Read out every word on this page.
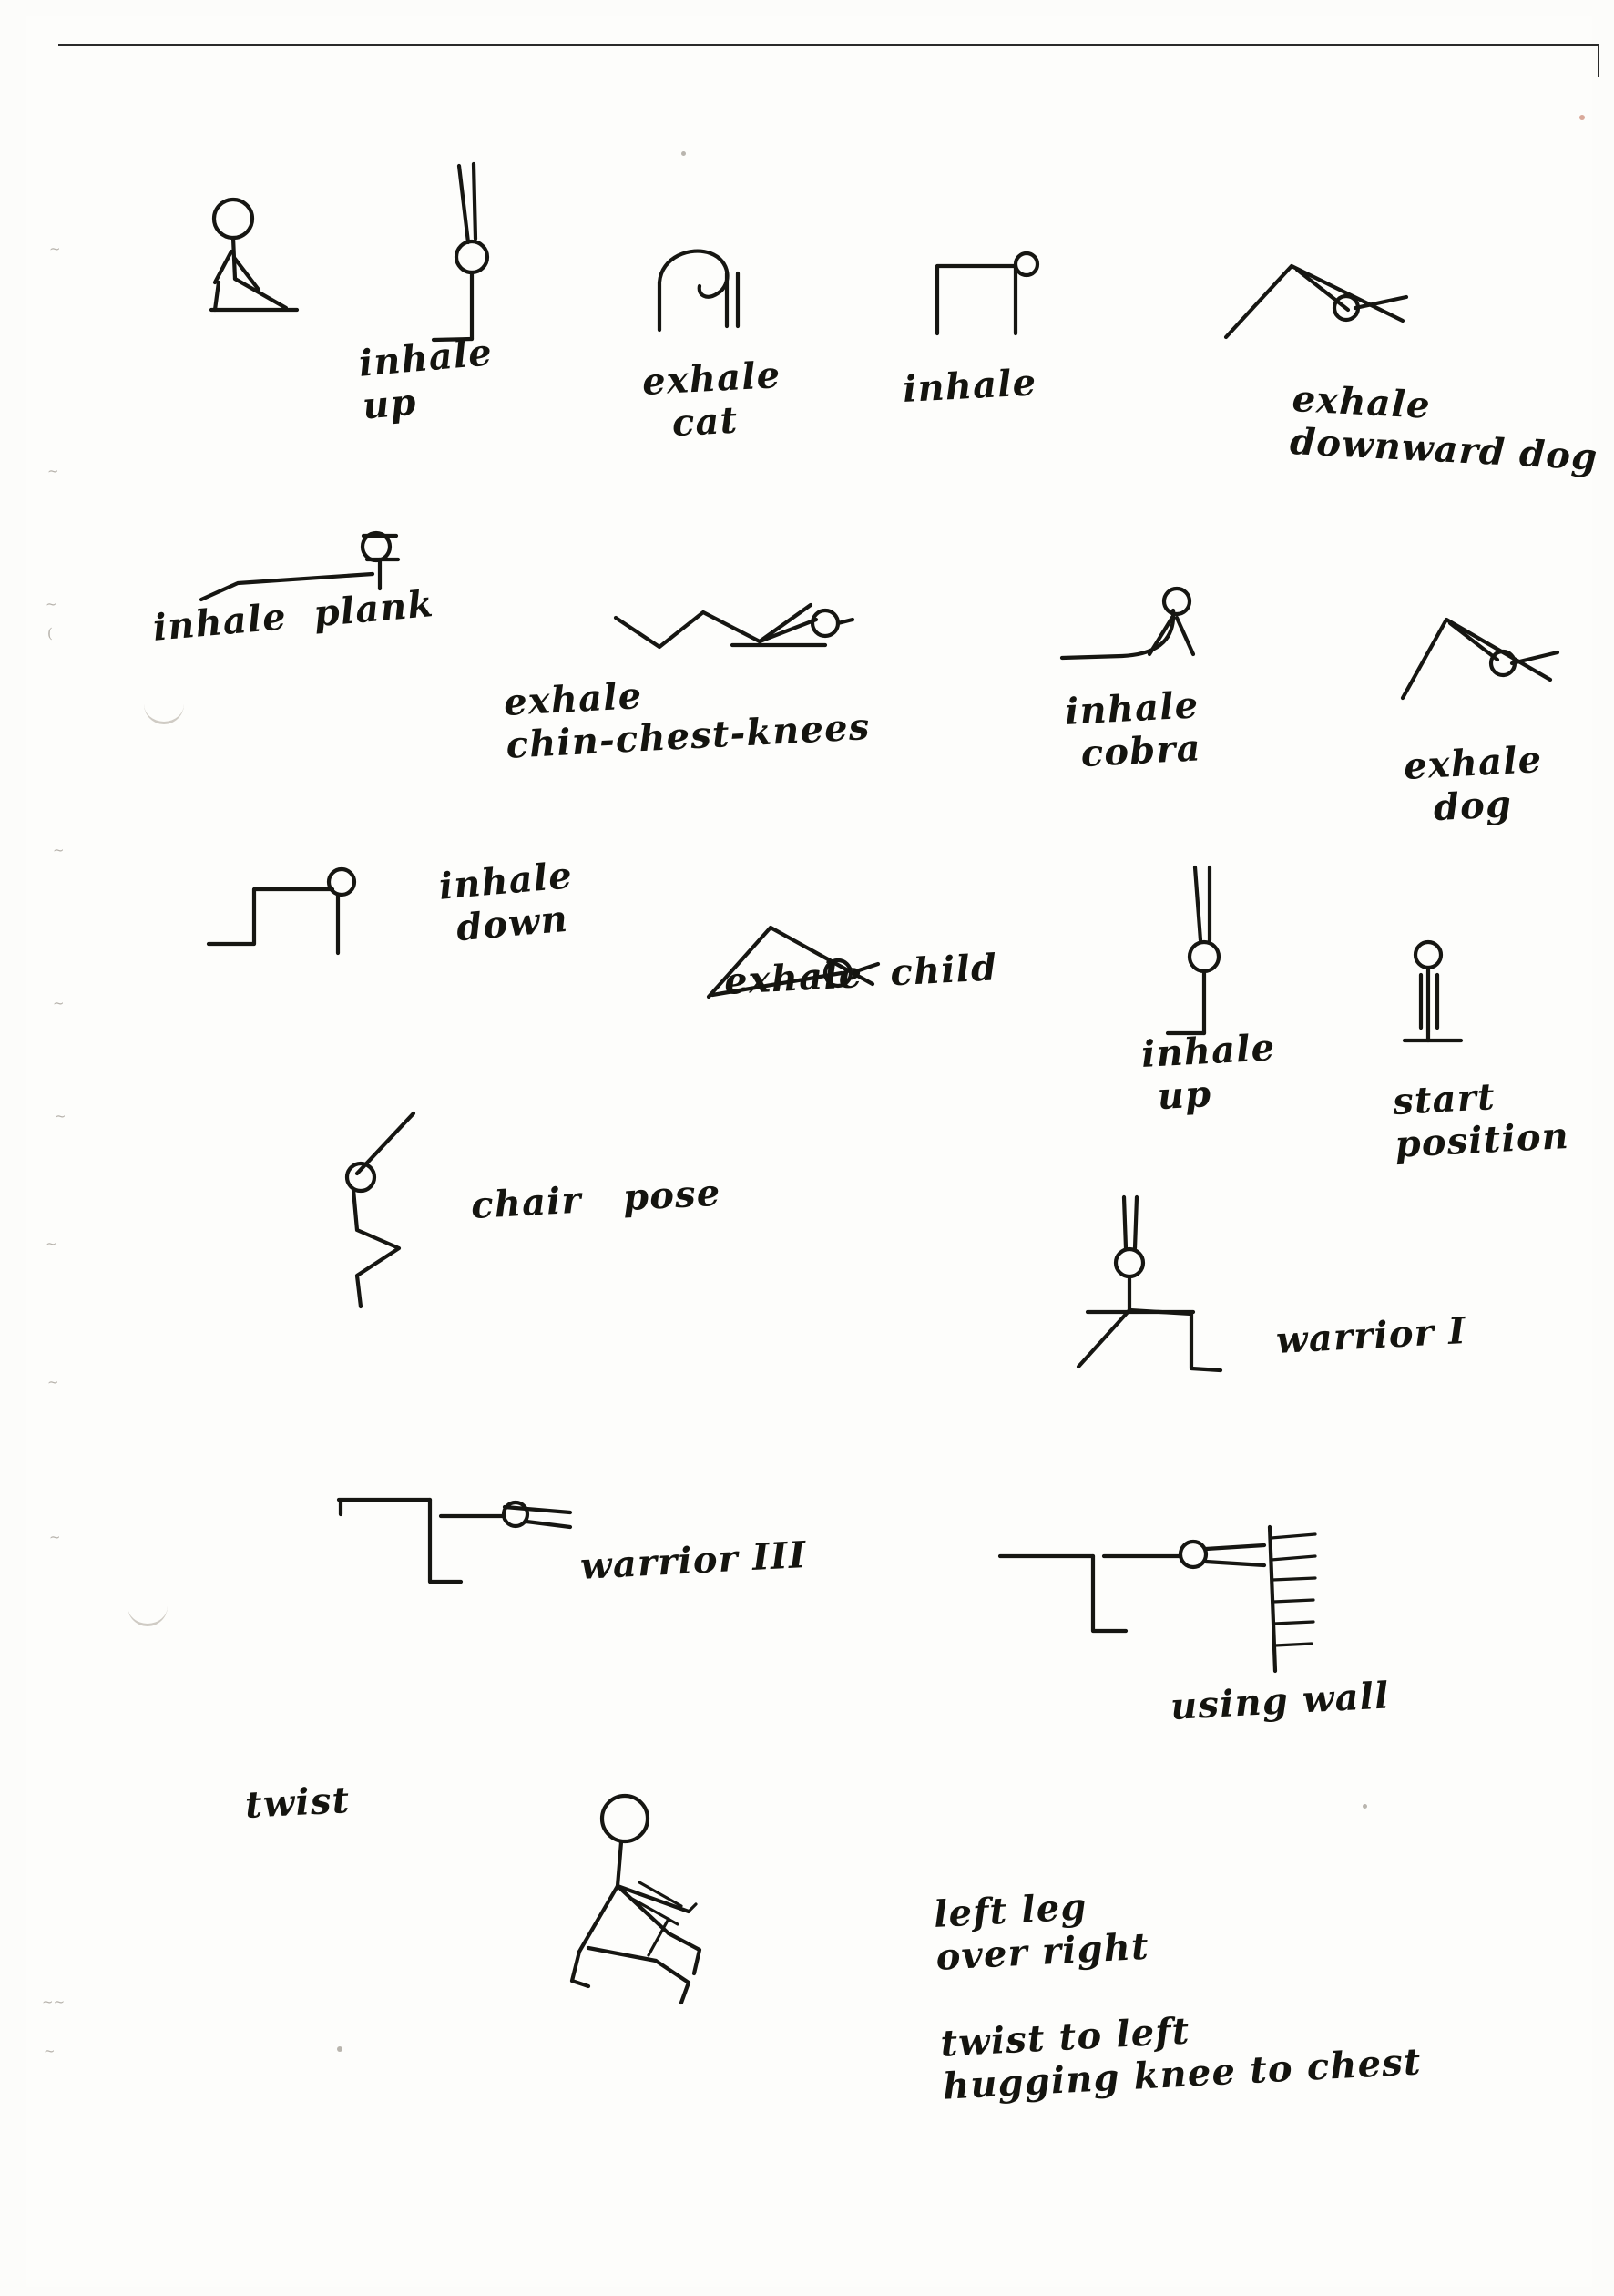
~
~
~
(
~
~
~
~
~
~
~~
~
inhale
up
exhale
cat
inhale	exhale
downward dog
inhale  plank
exhale
chin-chest-knees	inhale
cobra	exhale
dog
inhale
down
exhale  child
inhale
up	start
position
chair   pose
warrior I
warrior III
using wall
twist
left leg
over right

twist to left
hugging knee to chest
